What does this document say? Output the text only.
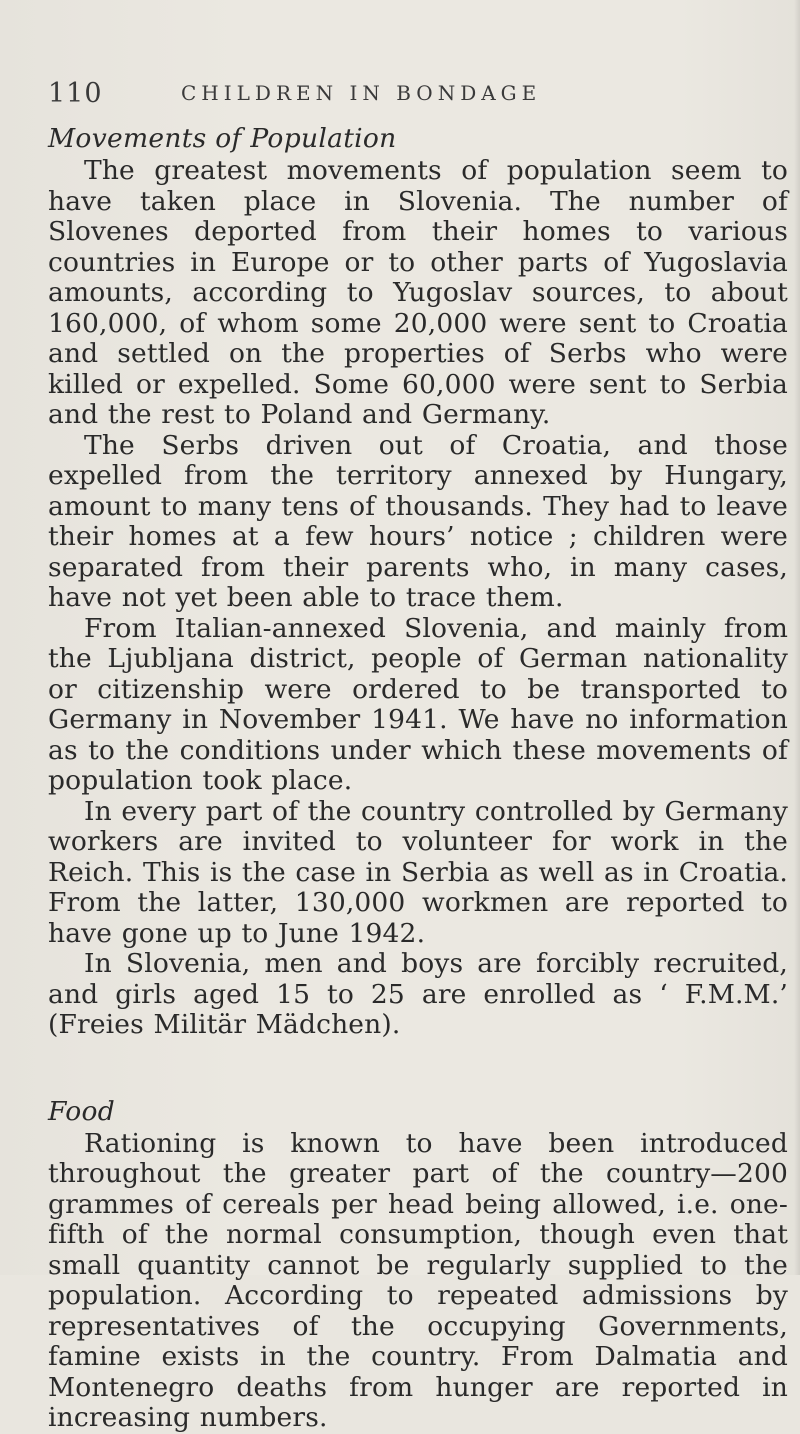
110	CHILDREN IN BONDAGE
Movements of Population

The greatest movements of population seem to have taken place in Slovenia. The number of Slovenes deported from their homes to various countries in Europe or to other parts of Yugoslavia amounts, according to Yugoslav sources, to about 160,000, of whom some 20,000 were sent to Croatia and settled on the properties of Serbs who were killed or expelled. Some 60,000 were sent to Serbia and the rest to Poland and Germany.

The Serbs driven out of Croatia, and those expelled from the territory annexed by Hungary, amount to many tens of thousands. They had to leave their homes at a few hours’ notice ; children were separated from their parents who, in many cases, have not yet been able to trace them.

From Italian-annexed Slovenia, and mainly from the Ljubljana district, people of German nationality or citizenship were ordered to be transported to Germany in November 1941. We have no information as to the conditions under which these movements of population took place.

In every part of the country controlled by Germany workers are invited to volunteer for work in the Reich. This is the case in Serbia as well as in Croatia. From the latter, 130,000 workmen are reported to have gone up to June 1942.

In Slovenia, men and boys are forcibly recruited, and girls aged 15 to 25 are enrolled as ‘ F.M.M.’ (Freies Militär Mädchen).

Food

Rationing is known to have been introduced throughout the greater part of the country—200 grammes of cereals per head being allowed, i.e. one-fifth of the normal consumption, though even that small quantity cannot be regularly supplied to the population. According to repeated admissions by representatives of the occupying Governments, famine exists in the country. From Dalmatia and Montenegro deaths from hunger are reported in increasing numbers.
